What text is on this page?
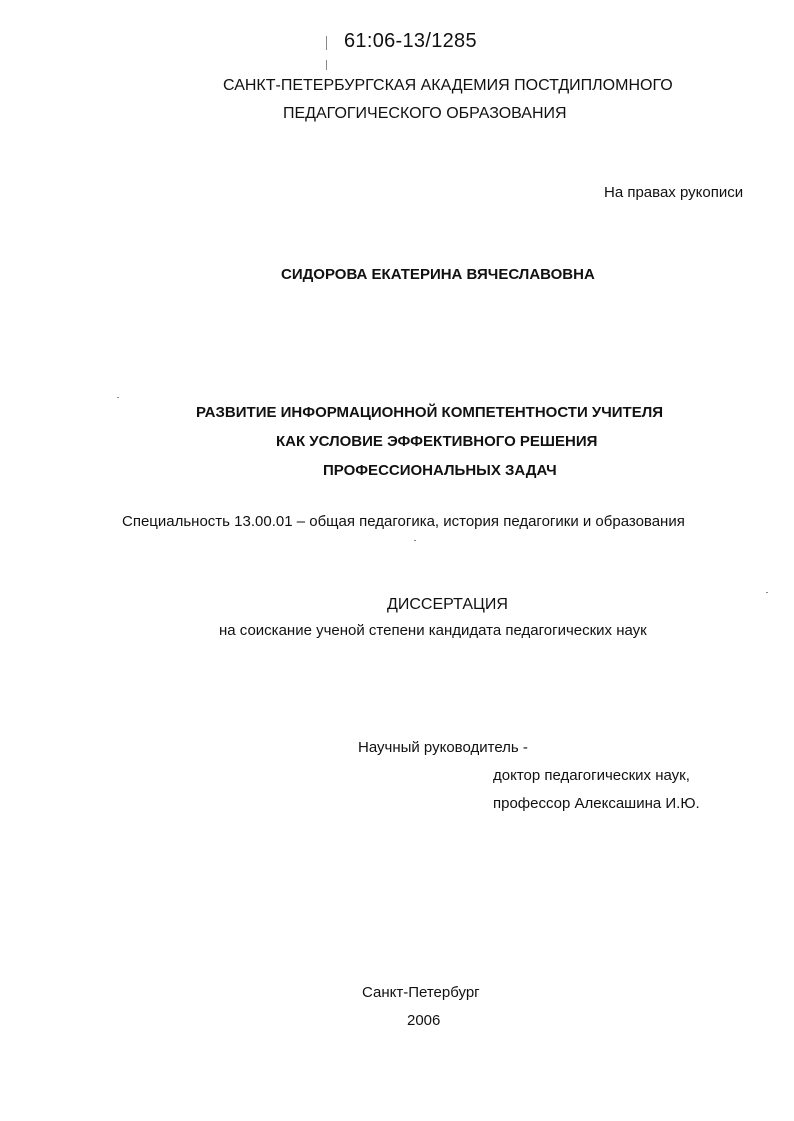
61:06-13/1285

САНКТ-ПЕТЕРБУРГСКАЯ АКАДЕМИЯ ПОСТДИПЛОМНОГО

ПЕДАГОГИЧЕСКОГО ОБРАЗОВАНИЯ

На правах рукописи

СИДОРОВА ЕКАТЕРИНА ВЯЧЕСЛАВОВНА

РАЗВИТИЕ ИНФОРМАЦИОННОЙ КОМПЕТЕНТНОСТИ УЧИТЕЛЯ

КАК УСЛОВИЕ ЭФФЕКТИВНОГО РЕШЕНИЯ

ПРОФЕССИОНАЛЬНЫХ ЗАДАЧ

Специальность 13.00.01 – общая педагогика, история педагогики и образования

ДИССЕРТАЦИЯ

на соискание ученой степени кандидата педагогических наук

Научный руководитель -

доктор педагогических наук,

профессор Алексашина И.Ю.

Санкт-Петербург

2006
